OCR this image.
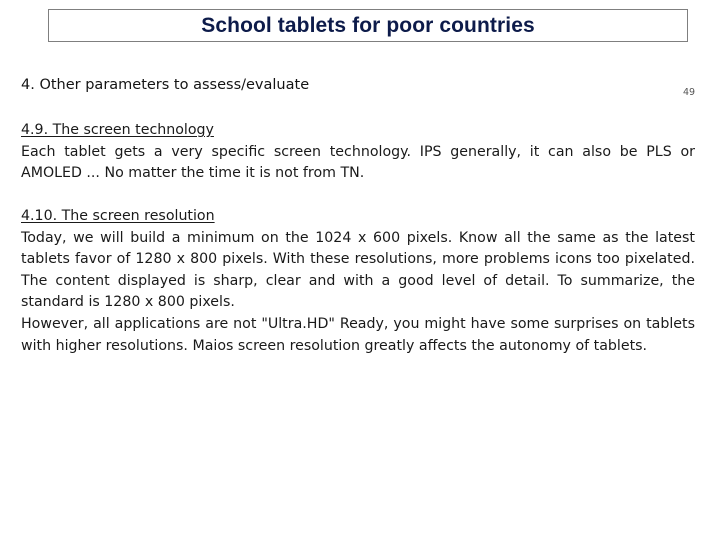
School tablets for poor countries
4. Other parameters to assess/evaluate	49
4.9. The screen technology

Each tablet gets a very specific screen technology. IPS generally, it can also be PLS or AMOLED ... No matter the time it is not from TN.

4.10. The screen resolution

Today, we will build a minimum on the 1024 x 600 pixels. Know all the same as the latest tablets favor of 1280 x 800 pixels. With these resolutions, more problems icons too pixelated. The content displayed is sharp, clear and with a good level of detail. To summarize, the standard is 1280 x 800 pixels.

However, all applications are not "Ultra.HD" Ready, you might have some surprises on tablets with higher resolutions. Maios screen resolution greatly affects the autonomy of tablets.
